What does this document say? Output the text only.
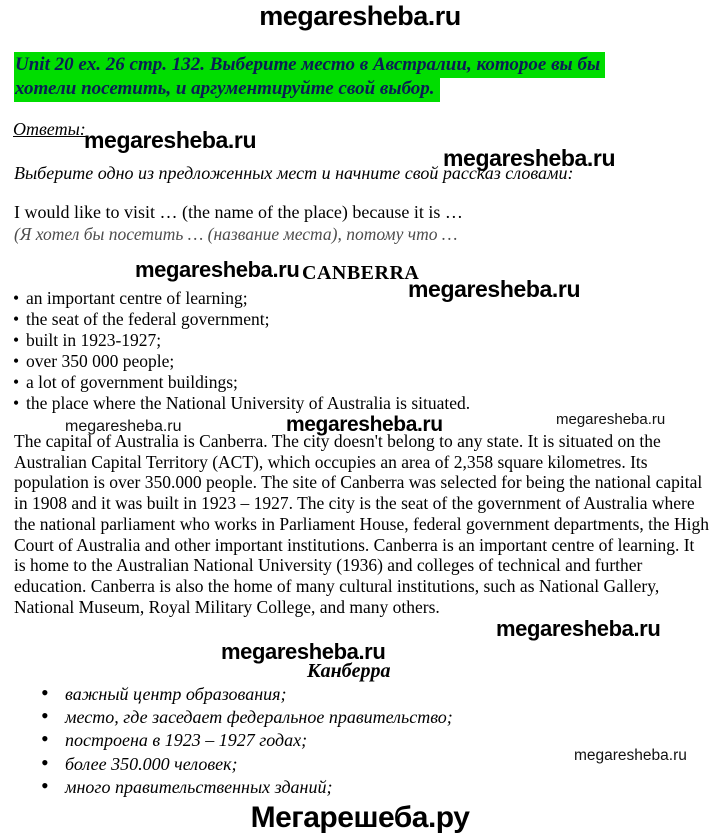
megaresheba.ru
Unit 20 ex. 26 стр. 132. Выберите место в Австралии, которое вы бы хотели посетить, и аргументируйте свой выбор.
Ответы:
megaresheba.ru
megaresheba.ru
Выберите одно из предложенных мест и начните свой рассказ словами:
I would like to visit … (the name of the place) because it is …
(Я хотел бы посетить … (название места), потому что …
megaresheba.ru CANBERRA
megaresheba.ru
• an important centre of learning;
• the seat of the federal government;
• built in 1923-1927;
• over 350 000 people;
• a lot of government buildings;
• the place where the National University of Australia is situated.
megaresheba.ru	megaresheba.ru	megaresheba.ru
The capital of Australia is Canberra. The city doesn't belong to any state. It is situated on the Australian Capital Territory (ACT), which occupies an area of 2,358 square kilometres. Its population is over 350.000 people. The site of Canberra was selected for being the national capital in 1908 and it was built in 1923 – 1927. The city is the seat of the government of Australia where the national parliament who works in Parliament House, federal government departments, the High Court of Australia and other important institutions. Canberra is an important centre of learning. It is home to the Australian National University (1936) and colleges of technical and further education. Canberra is also the home of many cultural institutions, such as National Gallery, National Museum, Royal Military College, and many others.
megaresheba.ru
megaresheba.ru
Канберра
• важный центр образования;
• место, где заседает федеральное правительство;
• построена в 1923 – 1927 годах;
• более 350.000 человек;
• много правительственных зданий;
megaresheba.ru
Мегарешеба.ру
